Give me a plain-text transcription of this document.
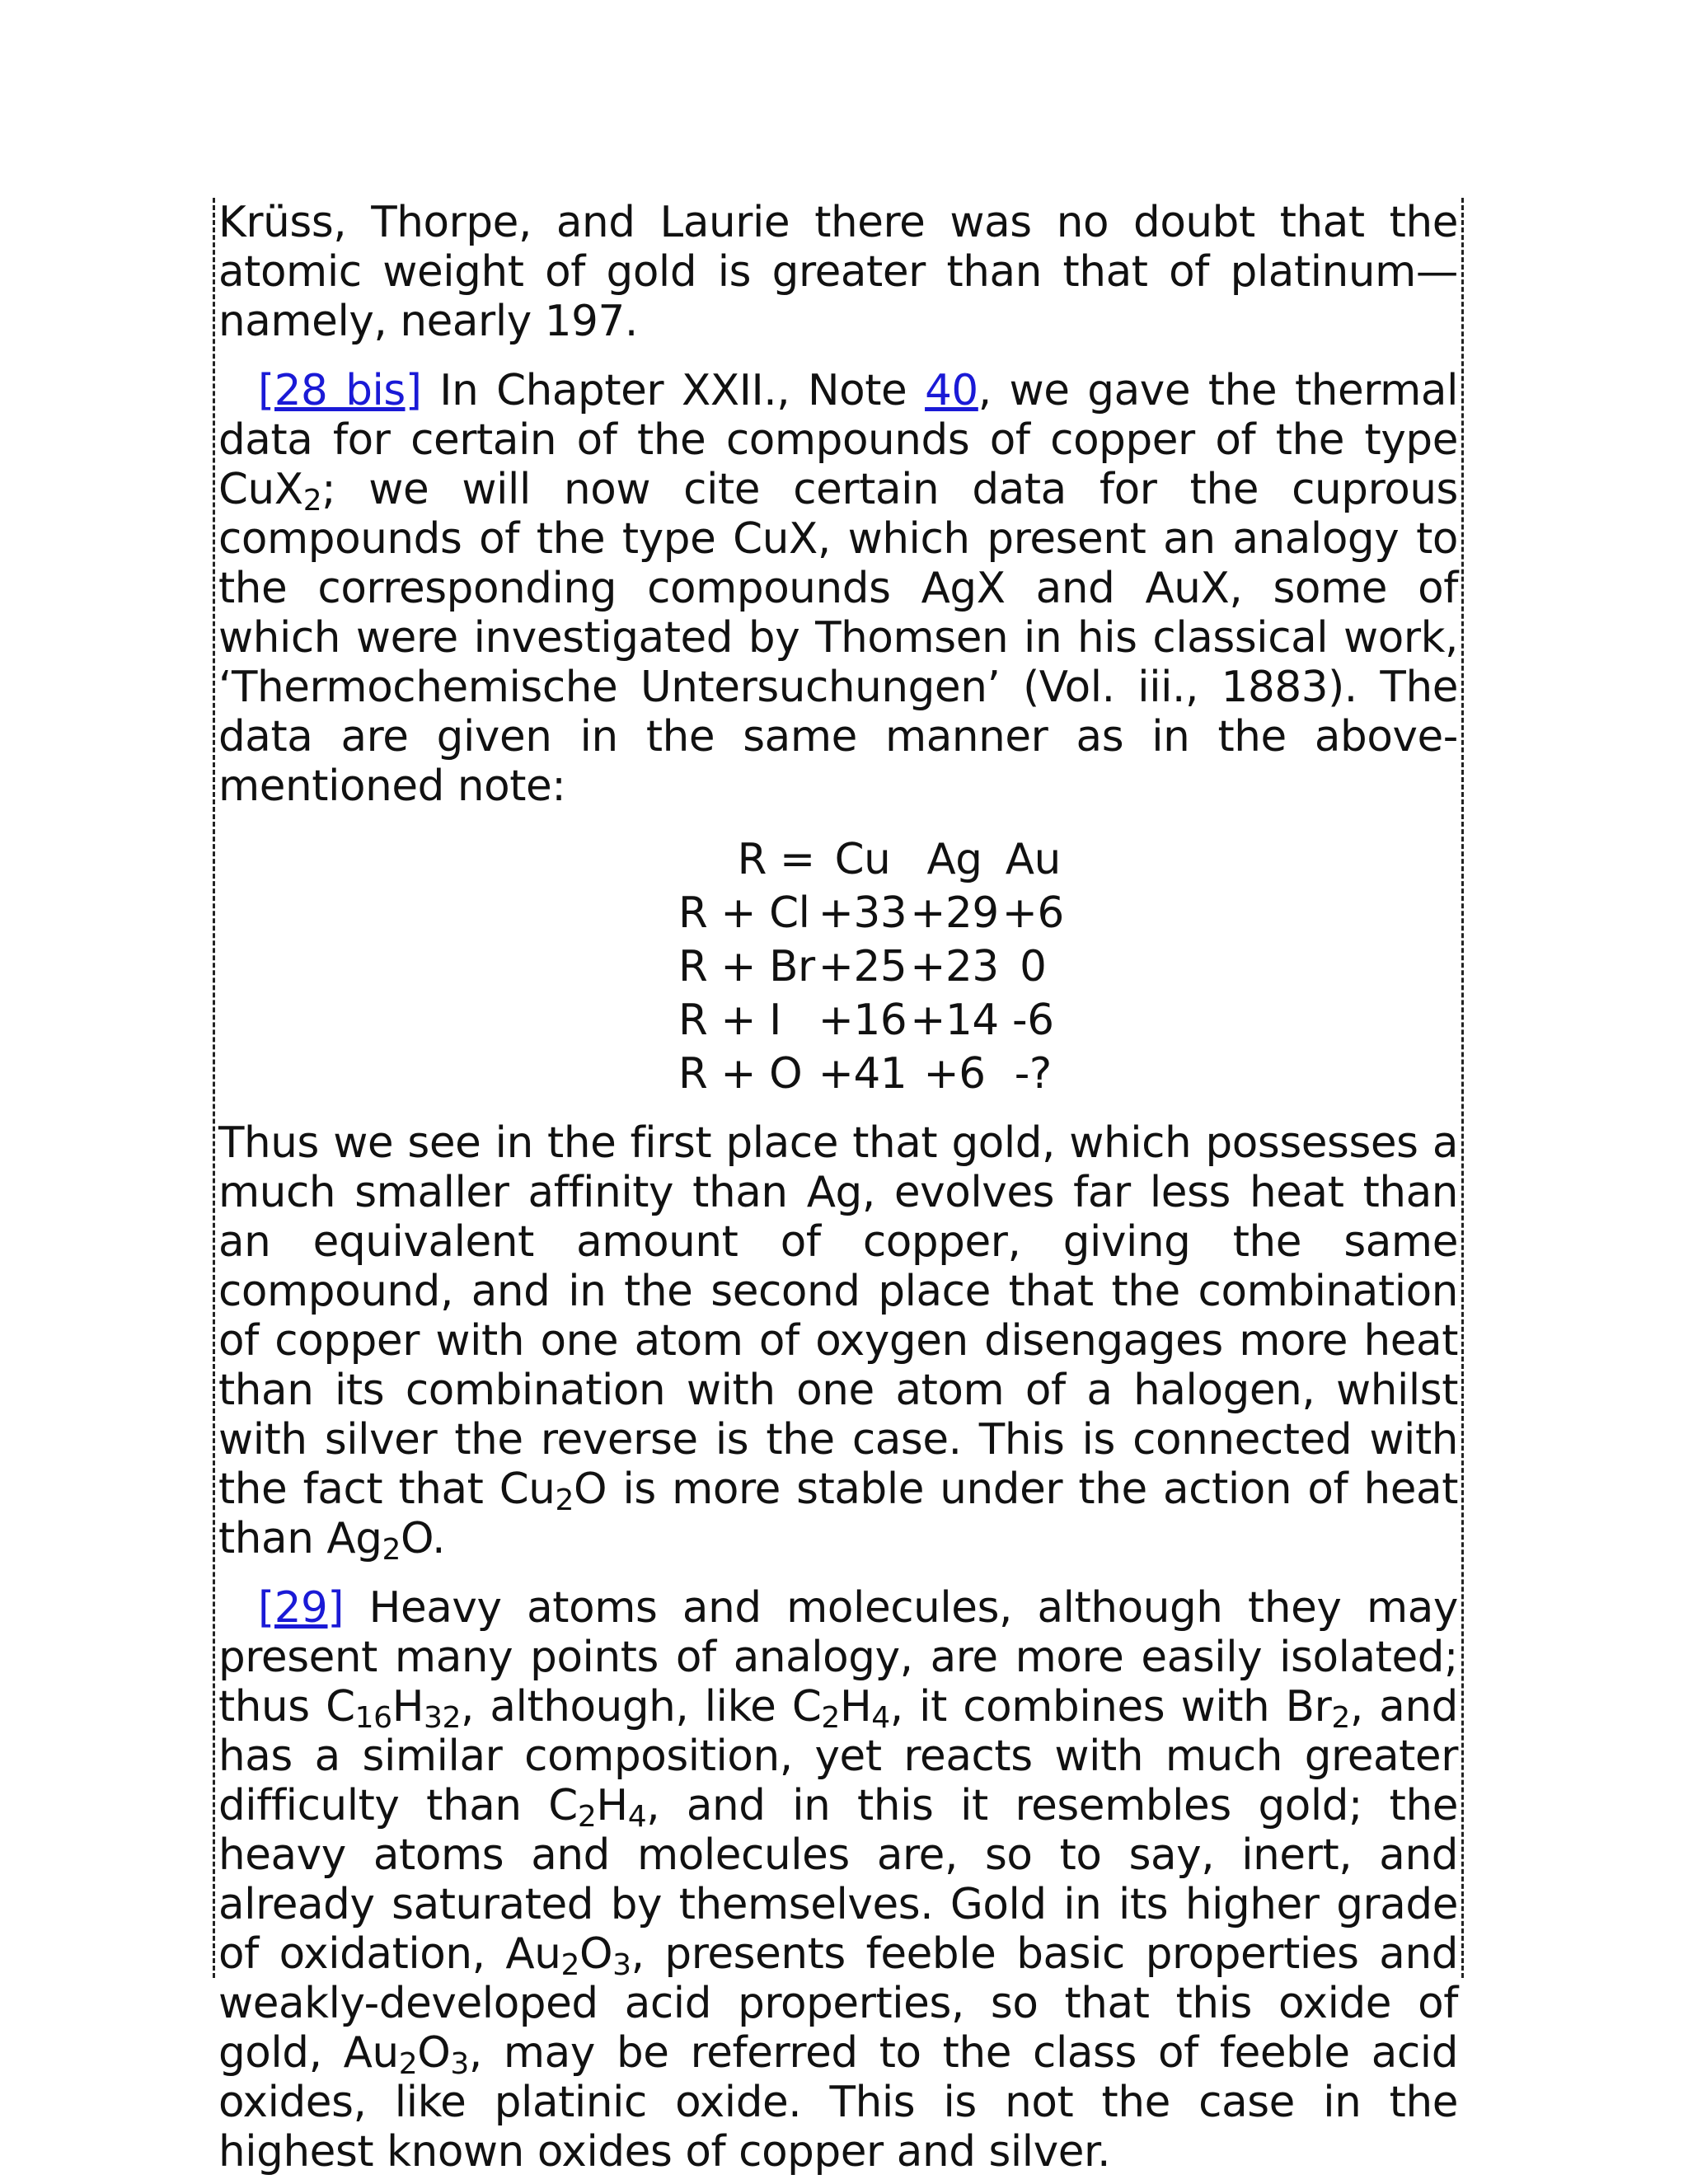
Krüss, Thorpe, and Laurie there was no doubt that the atomic weight of gold is greater than that of platinum—namely, nearly 197.

[28 bis] In Chapter XXII., Note 40, we gave the thermal data for certain of the compounds of copper of the type CuX$_2$; we will now cite certain data for the cuprous compounds of the type CuX, which present an analogy to the corresponding compounds AgX and AuX, some of which were investigated by Thomsen in his classical work, ‘Thermochemische Untersuchungen’ (Vol. iii., 1883). The data are given in the same manner as in the above-mentioned note:

R =	Cu	Ag	Au
R + Cl	+33	+29	+6
R + Br	+25	+23	0
R + I	+16	+14	-6
R + O	+41	+6	-?

Thus we see in the first place that gold, which possesses a much smaller affinity than Ag, evolves far less heat than an equivalent amount of copper, giving the same compound, and in the second place that the combination of copper with one atom of oxygen disengages more heat than its combination with one atom of a halogen, whilst with silver the reverse is the case. This is connected with the fact that $Cu_2O$ is more stable under the action of heat than $Ag_2O$.

[29] Heavy atoms and molecules, although they may present many points of analogy, are more easily isolated; thus $C_{16}H_{32}$, although, like $C_2H_4$, it combines with $Br_2$, and has a similar composition, yet reacts with much greater difficulty than $C_2H_4$, and in this it resembles gold; the heavy atoms and molecules are, so to say, inert, and already saturated by themselves. Gold in its higher grade of oxidation, $Au_2O_3$, presents feeble basic properties and weakly-developed acid properties, so that this oxide of gold, $Au_2O_3$, may be referred to the class of feeble acid oxides, like platinic oxide. This is not the case in the highest known oxides of copper and silver.
